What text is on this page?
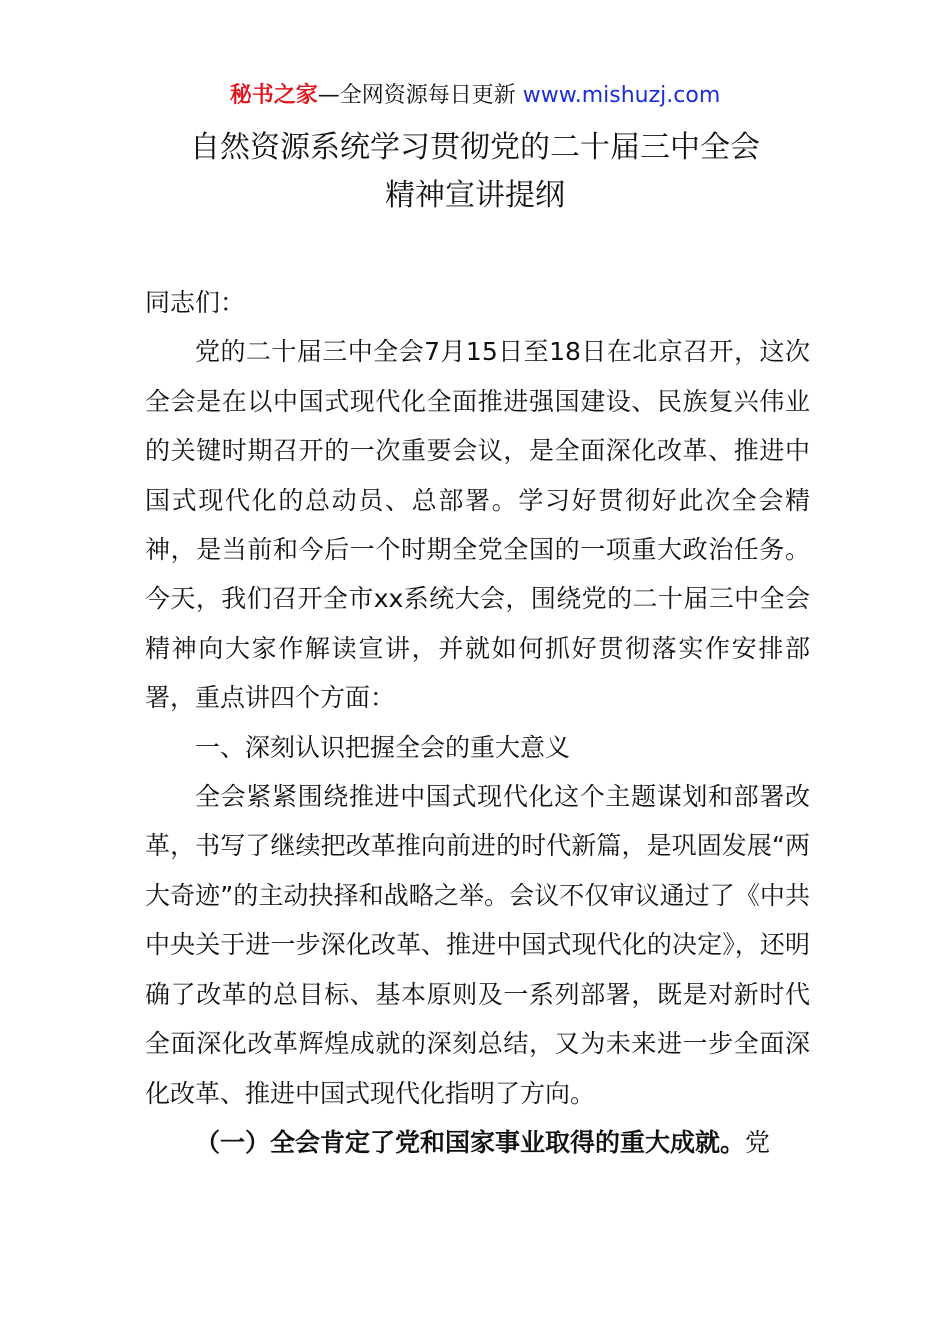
秘书之家—全网资源每日更新 www.mishuzj.com
自然资源系统学习贯彻党的二十届三中全会
精神宣讲提纲

同志们：

党的二十届三中全会7月15日至18日在北京召开，这次全会是在以中国式现代化全面推进强国建设、民族复兴伟业的关键时期召开的一次重要会议，是全面深化改革、推进中国式现代化的总动员、总部署。学习好贯彻好此次全会精神，是当前和今后一个时期全党全国的一项重大政治任务。今天，我们召开全市xx系统大会，围绕党的二十届三中全会精神向大家作解读宣讲，并就如何抓好贯彻落实作安排部署，重点讲四个方面：

一、深刻认识把握全会的重大意义

全会紧紧围绕推进中国式现代化这个主题谋划和部署改革，书写了继续把改革推向前进的时代新篇，是巩固发展“两大奇迹”的主动抉择和战略之举。会议不仅审议通过了《中共中央关于进一步深化改革、推进中国式现代化的决定》，还明确了改革的总目标、基本原则及一系列部署，既是对新时代全面深化改革辉煌成就的深刻总结，又为未来进一步全面深化改革、推进中国式现代化指明了方向。

（一）全会肯定了党和国家事业取得的重大成就。党
